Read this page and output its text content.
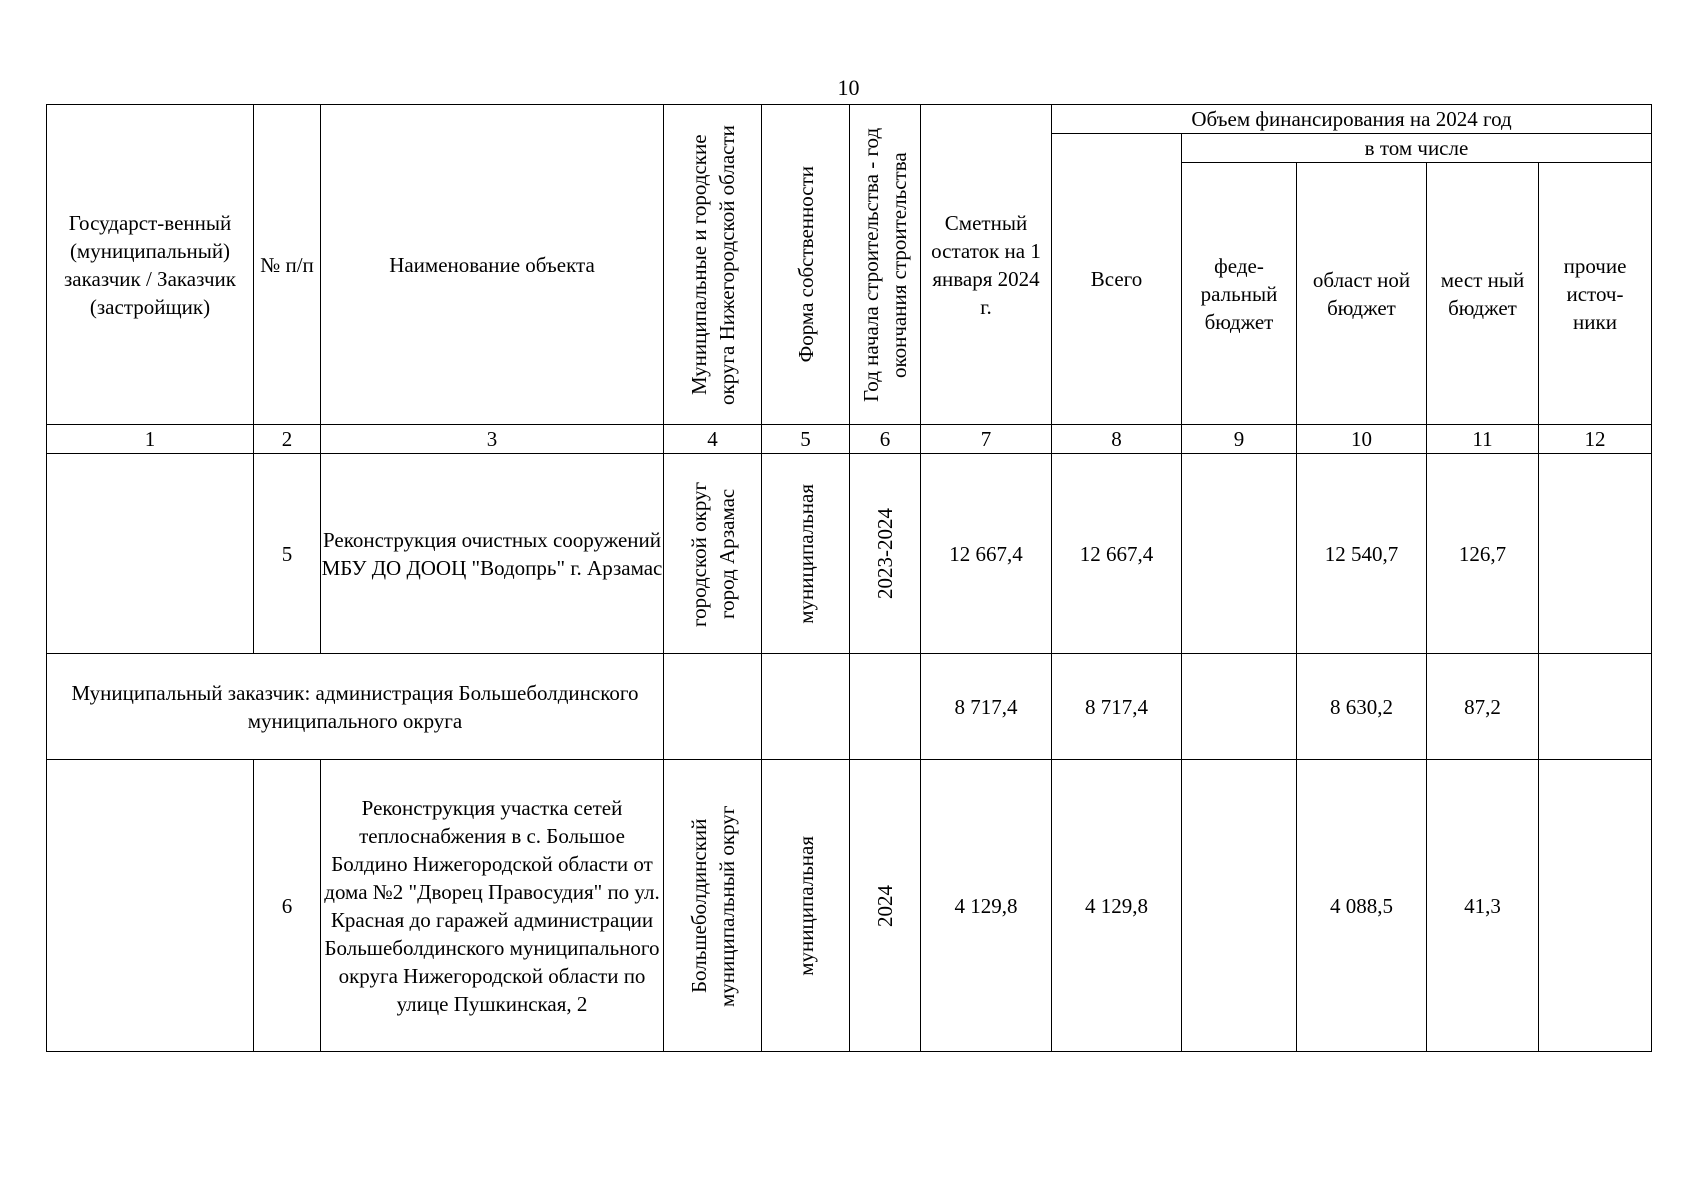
10
Государст-венный (муниципальный) заказчик / Заказчик (застройщик)	№ п/п	Наименование объекта	Муниципальные и городские округа Нижегородской области	Форма собственности	Год начала строительства - год окончания строительства	Сметный остаток на 1 января 2024 г.	Объем финансирования на 2024 год				
							Всего	в том числе			

								феде-ральный бюджет	област ной бюджет	мест ный бюджет	прочие источ-ники

1	2	3	4	5	6	7	8	9	10	11	12
	5	Реконструкция очистных сооружений МБУ ДО ДООЦ "Водопрь" г. Арзамас	городской округ город Арзамас	муниципальная	2023-2024	12 667,4	12 667,4		12 540,7	126,7	
Муниципальный заказчик: администрация Большеболдинского муниципального округа						8 717,4	8 717,4		8 630,2	87,2	
	6	Реконструкция участка сетей теплоснабжения в с. Большое Болдино Нижегородской области от дома №2 "Дворец Правосудия" по ул. Красная до гаражей администрации Большеболдинского муниципального округа Нижегородской области по улице Пушкинская, 2	Большеболдинский муниципальный округ	муниципальная	2024	4 129,8	4 129,8		4 088,5	41,3	
